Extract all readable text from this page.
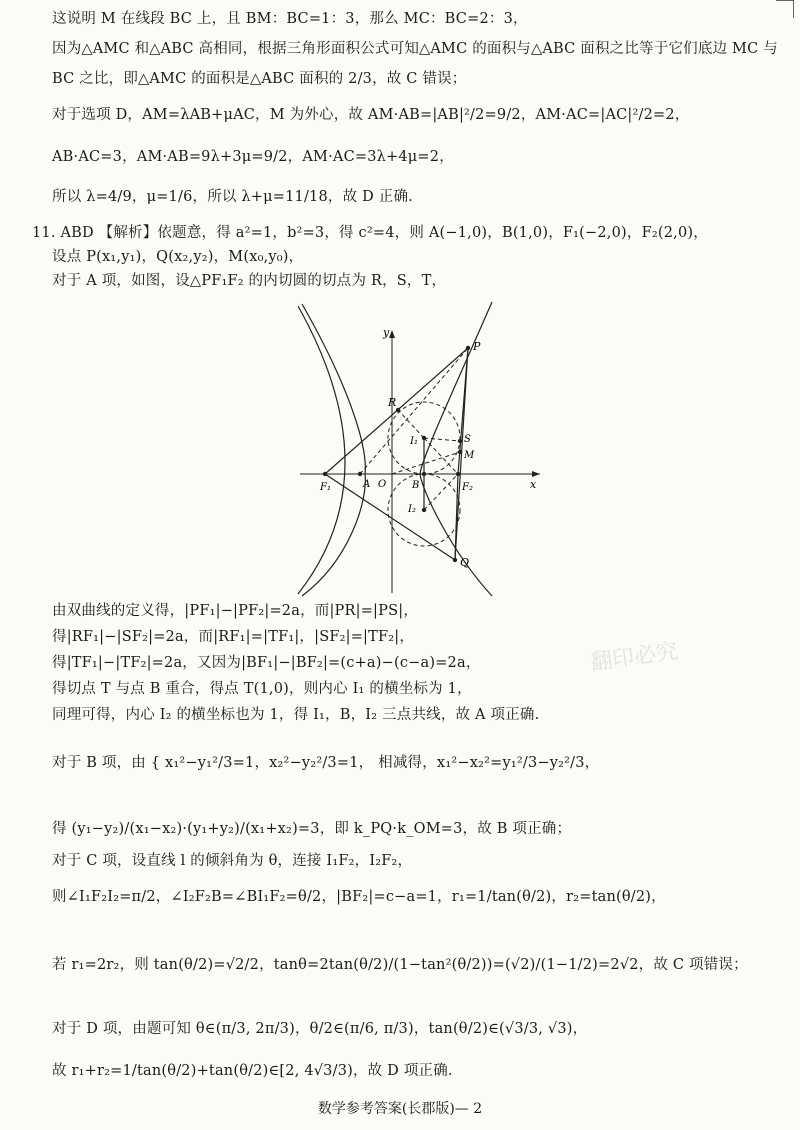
这说明 M 在线段 BC 上，且 BM：BC=1：3，那么 MC：BC=2：3，
因为△AMC 和△ABC 高相同，根据三角形面积公式可知△AMC 的面积与△ABC 面积之比等于它们底边 MC 与
BC 之比，即△AMC 的面积是△ABC 面积的 2/3，故 C 错误；
对于选项 D，AM=λAB+μAC，M 为外心，故 AM·AB=|AB|²/2=9/2，AM·AC=|AC|²/2=2，
AB·AC=3，AM·AB=9λ+3μ=9/2，AM·AC=3λ+4μ=2，
所以 λ=4/9，μ=1/6，所以 λ+μ=11/18，故 D 正确.
11. ABD 【解析】依题意，得 a²=1，b²=3，得 c²=4，则 A(−1,0)，B(1,0)，F₁(−2,0)，F₂(2,0)，
设点 P(x₁,y₁)，Q(x₂,y₂)，M(x₀,y₀)，
对于 A 项，如图，设△PF₁F₂ 的内切圆的切点为 R，S，T，
y
x
P
R
S
M
I₁
I₂
F₁	A O	B	F₂
Q
由双曲线的定义得，|PF₁|−|PF₂|=2a，而|PR|=|PS|，
得|RF₁|−|SF₂|=2a，而|RF₁|=|TF₁|，|SF₂|=|TF₂|，
得|TF₁|−|TF₂|=2a，又因为|BF₁|−|BF₂|=(c+a)−(c−a)=2a，
得切点 T 与点 B 重合，得点 T(1,0)，则内心 I₁ 的横坐标为 1，
同理可得，内心 I₂ 的横坐标也为 1，得 I₁，B，I₂ 三点共线，故 A 项正确.
对于 B 项，由 { x₁²−y₁²/3=1，x₂²−y₂²/3=1， 相减得，x₁²−x₂²=y₁²/3−y₂²/3，
得 (y₁−y₂)/(x₁−x₂)·(y₁+y₂)/(x₁+x₂)=3，即 k_PQ·k_OM=3，故 B 项正确；
对于 C 项，设直线 l 的倾斜角为 θ，连接 I₁F₂，I₂F₂，
则∠I₁F₂I₂=π/2，∠I₂F₂B=∠BI₁F₂=θ/2，|BF₂|=c−a=1，r₁=1/tan(θ/2)，r₂=tan(θ/2)，
若 r₁=2r₂，则 tan(θ/2)=√2/2，tanθ=2tan(θ/2)/(1−tan²(θ/2))=(√2)/(1−1/2)=2√2，故 C 项错误；
对于 D 项，由题可知 θ∈(π/3, 2π/3)，θ/2∈(π/6, π/3)，tan(θ/2)∈(√3/3, √3)，
故 r₁+r₂=1/tan(θ/2)+tan(θ/2)∈[2, 4√3/3)，故 D 项正确.
翻印必究
数学参考答案(长郡版)— 2
